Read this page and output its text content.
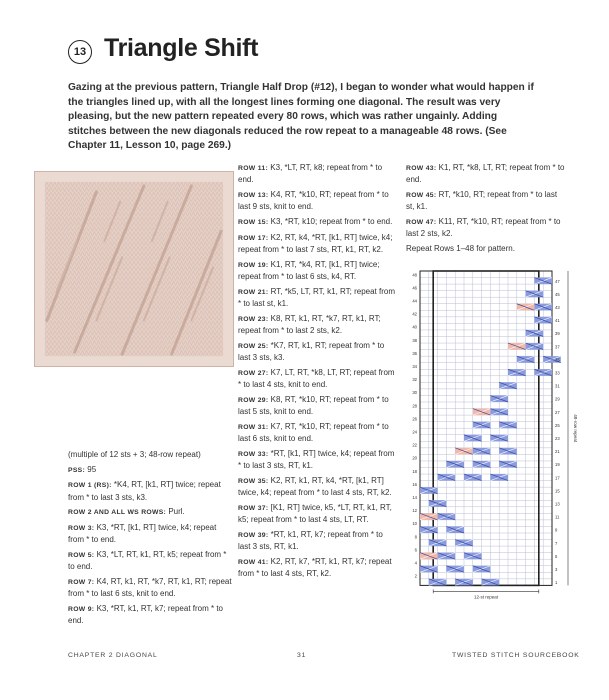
13 Triangle Shift

Gazing at the previous pattern, Triangle Half Drop (#12), I began to wonder what would happen if the triangles lined up, with all the longest lines forming one diagonal. The result was very pleasing, but the new pattern repeated every 80 rows, which was rather ungainly. Adding stitches between the new diagonals reduced the row repeat to a manageable 48 rows. (See Chapter 11, Lesson 10, page 269.)

(multiple of 12 sts + 3; 48-row repeat)

PSS: 95

ROW 1 (RS): *K4, RT, [k1, RT] twice; repeat from * to last 3 sts, k3.

ROW 2 AND ALL WS ROWS: Purl.

ROW 3: K3, *RT, [k1, RT] twice, k4; repeat from * to end.

ROW 5: K3, *LT, RT, k1, RT, k5; repeat from * to end.

ROW 7: K4, RT, k1, RT, *k7, RT, k1, RT; repeat from * to last 6 sts, knit to end.

ROW 9: K3, *RT, k1, RT, k7; repeat from * to end.

ROW 11: K3, *LT, RT, k8; repeat from * to end.

ROW 13: K4, RT, *k10, RT; repeat from * to last 9 sts, knit to end.

ROW 15: K3, *RT, k10; repeat from * to end.

ROW 17: K2, RT, k4, *RT, [k1, RT] twice, k4; repeat from * to last 7 sts, RT, k1, RT, k2.

ROW 19: K1, RT, *k4, RT, [k1, RT] twice; repeat from * to last 6 sts, k4, RT.

ROW 21: RT, *k5, LT, RT, k1, RT; repeat from * to last st, k1.

ROW 23: K8, RT, k1, RT, *k7, RT, k1, RT; repeat from * to last 2 sts, k2.

ROW 25: *K7, RT, k1, RT; repeat from * to last 3 sts, k3.

ROW 27: K7, LT, RT, *k8, LT, RT; repeat from * to last 4 sts, knit to end.

ROW 29: K8, RT, *k10, RT; repeat from * to last 5 sts, knit to end.

ROW 31: K7, RT, *k10, RT; repeat from * to last 6 sts, knit to end.

ROW 33: *RT, [k1, RT] twice, k4; repeat from * to last 3 sts, RT, k1.

ROW 35: K2, RT, k1, RT, k4, *RT, [k1, RT] twice, k4; repeat from * to last 4 sts, RT, k2.

ROW 37: [K1, RT] twice, k5, *LT, RT, k1, RT, k5; repeat from * to last 4 sts, LT, RT.

ROW 39: *RT, k1, RT, k7; repeat from * to last 3 sts, RT, k1.

ROW 41: K2, RT, k7, *RT, k1, RT, k7; repeat from * to last 4 sts, RT, k2.

ROW 43: K1, RT, *k8, LT, RT; repeat from * to end.

ROW 45: RT, *k10, RT; repeat from * to last st, k1.

ROW 47: K11, RT, *k10, RT; repeat from * to last 2 sts, k2.

Repeat Rows 1–48 for pattern.

48
46
44
42
40
38
36
34
32
30
28
26
24
22
20
18
16
14
12
10
8
6
4
2
47
45
43
41
39
37
35
33
31
29
27
25
23
21
19
17
15
13
11
9
7
5
3
1
12-st repeat
48-row repeat
CHAPTER 2 DIAGONAL	31	TWISTED STITCH SOURCEBOOK
